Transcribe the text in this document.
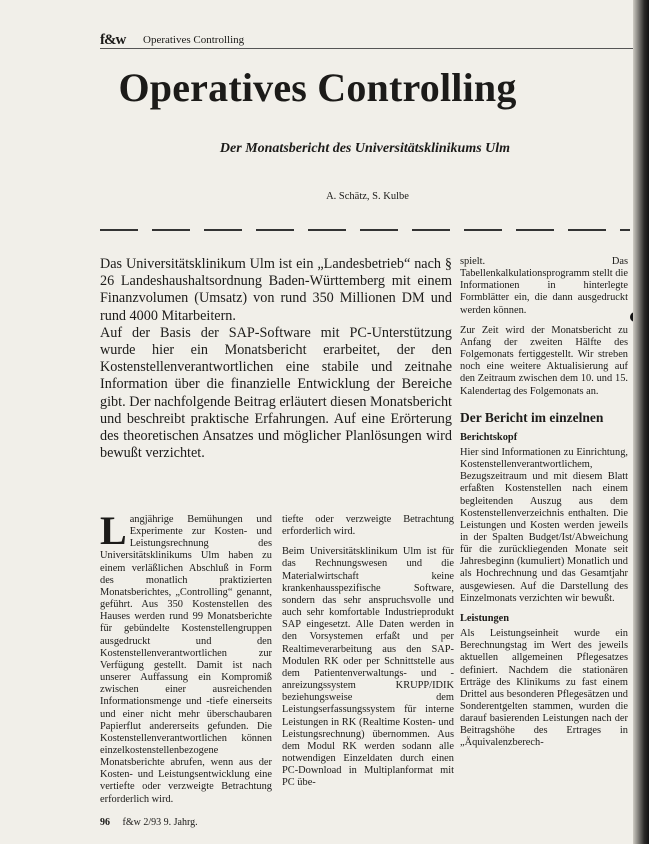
f&w Operatives Controlling
Operatives Controlling
Der Monatsbericht des Universitätsklinikums Ulm
A. Schätz, S. Kulbe

Das Universitätsklinikum Ulm ist ein „Landesbetrieb“ nach § 26 Landeshaushaltsordnung Baden-Württemberg mit einem Finanzvolumen (Umsatz) von rund 350 Millionen DM und rund 4000 Mitarbeitern.

Auf der Basis der SAP-Software mit PC-Unterstützung wurde hier ein Monatsbericht erarbeitet, der den Kostenstellenverantwortlichen eine stabile und zeitnahe Information über die finanzielle Entwicklung der Bereiche gibt. Der nachfolgende Beitrag erläutert diesen Monatsbericht und beschreibt praktische Erfahrungen. Auf eine Erörterung des theoretischen Ansatzes und möglicher Planlösungen wird bewußt verzichtet.

Langjährige Bemühungen und Experimente zur Kosten- und Leistungsrechnung des Universitätsklinikums Ulm haben zu einem verläßlichen Abschluß in Form des monatlich praktizierten Monatsberichtes, „Controlling“ genannt, geführt. Aus 350 Kostenstellen des Hauses werden rund 99 Monatsberichte für gebündelte Kostenstellengruppen ausgedruckt und den Kostenstellenverantwortlichen zur Verfügung gestellt. Damit ist nach unserer Auffassung ein Kompromiß zwischen einer ausreichenden Informationsmenge und -tiefe einerseits und einer nicht mehr überschaubaren Papierflut andererseits gefunden. Die Kostenstellenverantwortlichen können einzelkostenstellenbezogene Monatsberichte abrufen, wenn aus der Kosten- und Leistungsentwicklung eine vertiefte oder verzweigte Betrachtung erforderlich wird.

tiefte oder verzweigte Betrachtung erforderlich wird.

Beim Universitätsklinikum Ulm ist für das Rechnungswesen und die Materialwirtschaft keine krankenhausspezifische Software, sondern das sehr anspruchsvolle und auch sehr komfortable Industrieprodukt SAP eingesetzt. Alle Daten werden in den Vorsystemen erfaßt und per Realtimeverarbeitung aus den SAP-Modulen RK oder per Schnittstelle aus dem Patientenverwaltungs- und -anreizungssystem KRUPP/IDIK beziehungsweise dem Leistungserfassungssystem für interne Leistungen in RK (Realtime Kosten- und Leistungsrechnung) übernommen. Aus dem Modul RK werden sodann alle notwendigen Einzeldaten durch einen PC-Download in Multiplanformat mit PC übe-

spielt. Das Tabellenkalkulationsprogramm stellt die Informationen in hinterlegte Formblätter ein, die dann ausgedruckt werden können.

Zur Zeit wird der Monatsbericht zu Anfang der zweiten Hälfte des Folgemonats fertiggestellt. Wir streben noch eine weitere Aktualisierung auf den Zeitraum zwischen dem 10. und 15. Kalendertag des Folgemonats an.

Der Bericht im einzelnen
Berichtskopf

Hier sind Informationen zu Einrichtung, Kostenstellenverantwortlichem, Bezugszeitraum und mit diesem Blatt erfaßten Kostenstellen nach einem begleitenden Auszug aus dem Kostenstellenverzeichnis enthalten. Die Leistungen und Kosten werden jeweils in der Spalten Budget/Ist/Abweichung für die zurückliegenden Monate seit Jahresbeginn (kumuliert) Monatlich und als Hochrechnung und das Gesamtjahr ausgewiesen. Auf die Darstellung des Einzelmonats verzichten wir bewußt.

Leistungen

Als Leistungseinheit wurde ein Berechnungstag im Wert des jeweils aktuellen allgemeinen Pflegesatzes definiert. Nachdem die stationären Erträge des Klinikums zu fast einem Drittel aus besonderen Pflegesätzen und Sonderentgelten stammen, wurden die darauf basierenden Leistungen nach der Beitragshöhe des Ertrages in „Äquivalenzberech-

96 f&w 2/93 9. Jahrg.
